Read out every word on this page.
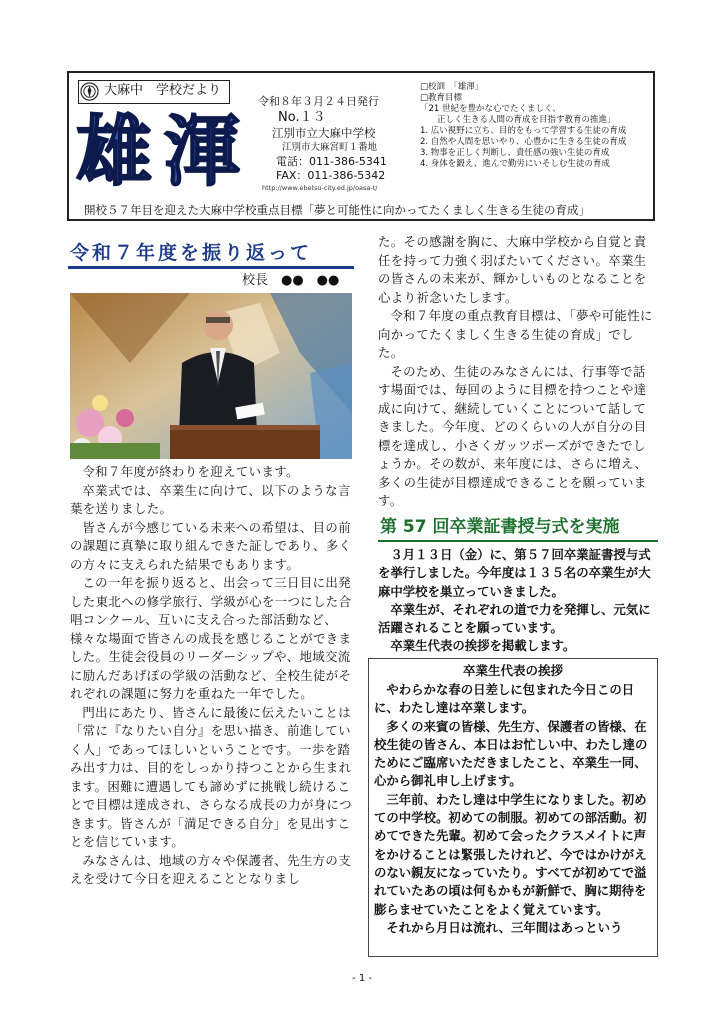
大麻中　学校だより
雄 渾
令和８年３月２４日発行
No.１３
江別市立大麻中学校
江別市大麻宮町１番地
電話：011-386-5341
FAX：011-386-5342
http://www.ebetsu-city.ed.jp/oasa-t/
□校訓　「雄渾」
□教育目標
「21 世紀を豊かな心でたくましく、
　　正しく生きる人間の育成を目指す教育の推進」
1. 広い視野に立ち、目的をもって学習する生徒の育成
2. 自然や人間を思いやり、心豊かに生きる生徒の育成
3. 物事を正しく判断し、責任感の強い生徒の育成
4. 身体を鍛え、進んで勤労にいそしむ生徒の育成
開校５７年目を迎えた大麻中学校重点目標「夢と可能性に向かってたくましく生きる生徒の育成」
令和７年度を振り返って
校長　●●　●●

令和７年度が終わりを迎えています。

卒業式では、卒業生に向けて、以下のような言葉を送りました。

皆さんが今感じている未来への希望は、目の前の課題に真摯に取り組んできた証しであり、多くの方々に支えられた結果でもあります。

この一年を振り返ると、出会って三日目に出発した東北への修学旅行、学級が心を一つにした合唱コンクール、互いに支え合った部活動など、様々な場面で皆さんの成長を感じることができました。生徒会役員のリーダーシップや、地域交流に励んだあげぽの学級の活動など、全校生徒がそれぞれの課題に努力を重ねた一年でした。

門出にあたり、皆さんに最後に伝えたいことは「常に『なりたい自分』を思い描き、前進していく人」であってほしいということです。一歩を踏み出す力は、目的をしっかり持つことから生まれます。困難に遭遇しても諦めずに挑戦し続けることで目標は達成され、さらなる成長の力が身につきます。皆さんが「満足できる自分」を見出すことを信じています。

みなさんは、地域の方々や保護者、先生方の支えを受けて今日を迎えることとなりまし

た。その感謝を胸に、大麻中学校から自覚と責任を持って力強く羽ばたいてください。卒業生の皆さんの未来が、輝かしいものとなることを心より祈念いたします。

令和７年度の重点教育目標は、「夢や可能性に向かってたくましく生きる生徒の育成」でした。

そのため、生徒のみなさんには、行事等で話す場面では、毎回のように目標を持つことや達成に向けて、継続していくことについて話してきました。今年度、どのくらいの人が自分の目標を達成し、小さくガッツポーズができたでしょうか。その数が、来年度には、さらに増え、多くの生徒が目標達成できることを願っています。

第 57 回卒業証書授与式を実施

３月１３日（金）に、第５７回卒業証書授与式を挙行しました。今年度は１３５名の卒業生が大麻中学校を巣立っていきました。

卒業生が、それぞれの道で力を発揮し、元気に活躍されることを願っています。

卒業生代表の挨拶を掲載します。

卒業生代表の挨拶

やわらかな春の日差しに包まれた今日この日に、わたし達は卒業します。

多くの来賓の皆様、先生方、保護者の皆様、在校生徒の皆さん、本日はお忙しい中、わたし達のためにご臨席いただきましたこと、卒業生一同、心から御礼申し上げます。

三年前、わたし達は中学生になりました。初めての中学校。初めての制服。初めての部活動。初めてできた先輩。初めて会ったクラスメイトに声をかけることは緊張したけれど、今ではかけがえのない親友になっていたり。すべてが初めてで溢れていたあの頃は何もかもが新鮮で、胸に期待を膨らませていたことをよく覚えています。

それから月日は流れ、三年間はあっという

- 1 -
